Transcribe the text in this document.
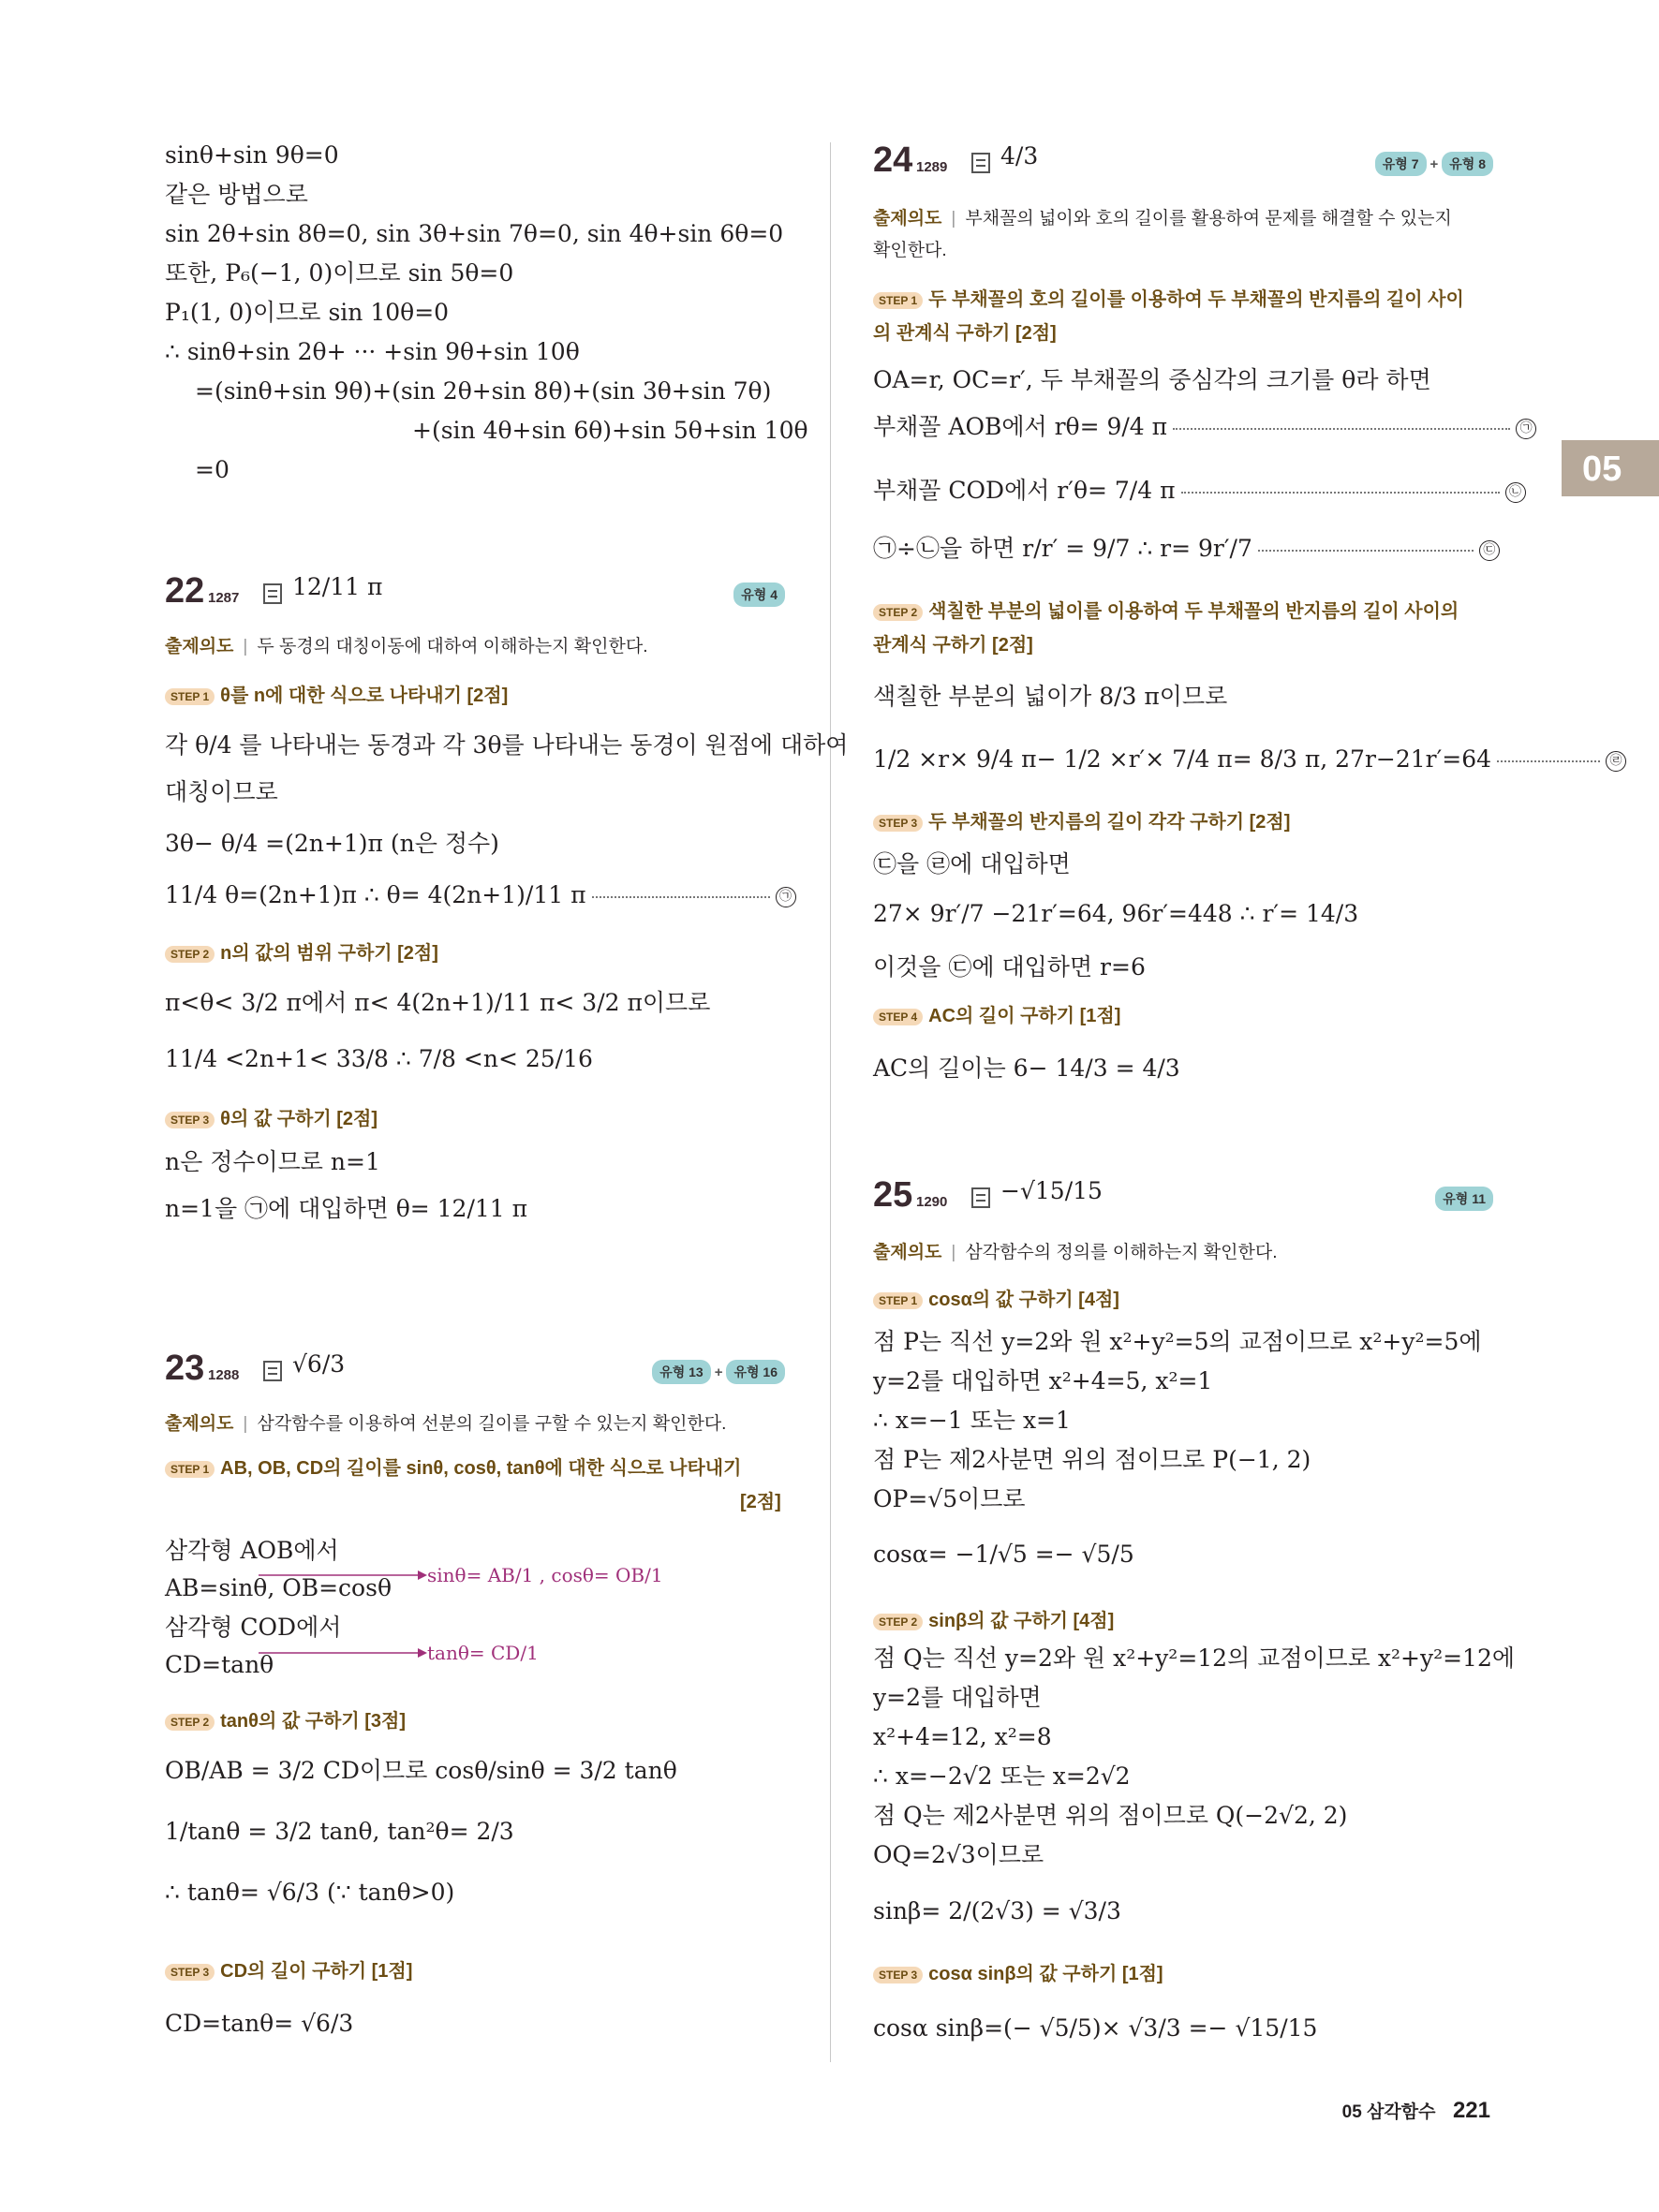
sinθ+sin 9θ=0
같은 방법으로
sin 2θ+sin 8θ=0, sin 3θ+sin 7θ=0, sin 4θ+sin 6θ=0
또한, P₆(−1, 0)이므로 sin 5θ=0
P₁(1, 0)이므로 sin 10θ=0
∴ sinθ+sin 2θ+ ··· +sin 9θ+sin 10θ
=(sinθ+sin 9θ)+(sin 2θ+sin 8θ)+(sin 3θ+sin 7θ)
+(sin 4θ+sin 6θ)+sin 5θ+sin 10θ
=0
22 1287 12/11 π	유형 4
출제의도 | 두 동경의 대칭이동에 대하여 이해하는지 확인한다.
STEP 1 θ를 n에 대한 식으로 나타내기 [2점]
각 θ/4 를 나타내는 동경과 각 3θ를 나타내는 동경이 원점에 대하여
대칭이므로
3θ− θ/4 =(2n+1)π (n은 정수)
11/4 θ=(2n+1)π ∴ θ= 4(2n+1)/11 π	㉠
STEP 2 n의 값의 범위 구하기 [2점]
π<θ< 3/2 π에서 π< 4(2n+1)/11 π< 3/2 π이므로
11/4 <2n+1< 33/8 ∴ 7/8 <n< 25/16
STEP 3 θ의 값 구하기 [2점]
n은 정수이므로 n=1
n=1을 ㉠에 대입하면 θ= 12/11 π
23 1288 √6/3	유형 13 + 유형 16
출제의도 | 삼각함수를 이용하여 선분의 길이를 구할 수 있는지 확인한다.
STEP 1 AB, OB, CD의 길이를 sinθ, cosθ, tanθ에 대한 식으로 나타내기
[2점]
삼각형 AOB에서
AB=sinθ, OB=cosθ sinθ= AB/1 , cosθ= OB/1
삼각형 COD에서
CD=tanθ	tanθ= CD/1
STEP 2 tanθ의 값 구하기 [3점]
OB/AB = 3/2 CD이므로 cosθ/sinθ = 3/2 tanθ
1/tanθ = 3/2 tanθ, tan²θ= 2/3
∴ tanθ= √6/3 (∵ tanθ>0)
STEP 3 CD의 길이 구하기 [1점]
CD=tanθ= √6/3
24 1289 4/3	유형 7 + 유형 8
출제의도 | 부채꼴의 넓이와 호의 길이를 활용하여 문제를 해결할 수 있는지
확인한다.
STEP 1 두 부채꼴의 호의 길이를 이용하여 두 부채꼴의 반지름의 길이 사이
의 관계식 구하기 [2점]
OA=r, OC=r′, 두 부채꼴의 중심각의 크기를 θ라 하면
부채꼴 AOB에서 rθ= 9/4 π	㉠
부채꼴 COD에서 r′θ= 7/4 π	㉡
㉠÷㉡을 하면 r/r′ = 9/7 ∴ r= 9r′/7	㉢
STEP 2 색칠한 부분의 넓이를 이용하여 두 부채꼴의 반지름의 길이 사이의
관계식 구하기 [2점]
색칠한 부분의 넓이가 8/3 π이므로
1/2 ×r× 9/4 π− 1/2 ×r′× 7/4 π= 8/3 π, 27r−21r′=64	㉣
STEP 3 두 부채꼴의 반지름의 길이 각각 구하기 [2점]
㉢을 ㉣에 대입하면
27× 9r′/7 −21r′=64, 96r′=448 ∴ r′= 14/3
이것을 ㉢에 대입하면 r=6
STEP 4 AC의 길이 구하기 [1점]
AC의 길이는 6− 14/3 = 4/3
25 1290 −√15/15	유형 11
출제의도 | 삼각함수의 정의를 이해하는지 확인한다.
STEP 1 cosα의 값 구하기 [4점]
점 P는 직선 y=2와 원 x²+y²=5의 교점이므로 x²+y²=5에
y=2를 대입하면 x²+4=5, x²=1
∴ x=−1 또는 x=1
점 P는 제2사분면 위의 점이므로 P(−1, 2)
OP=√5이므로
cosα= −1/√5 =− √5/5
STEP 2 sinβ의 값 구하기 [4점]
점 Q는 직선 y=2와 원 x²+y²=12의 교점이므로 x²+y²=12에
y=2를 대입하면
x²+4=12, x²=8
∴ x=−2√2 또는 x=2√2
점 Q는 제2사분면 위의 점이므로 Q(−2√2, 2)
OQ=2√3이므로
sinβ= 2/(2√3) = √3/3
STEP 3 cosα sinβ의 값 구하기 [1점]
cosα sinβ=(− √5/5)× √3/3 =− √15/15
05
05 삼각함수 221
